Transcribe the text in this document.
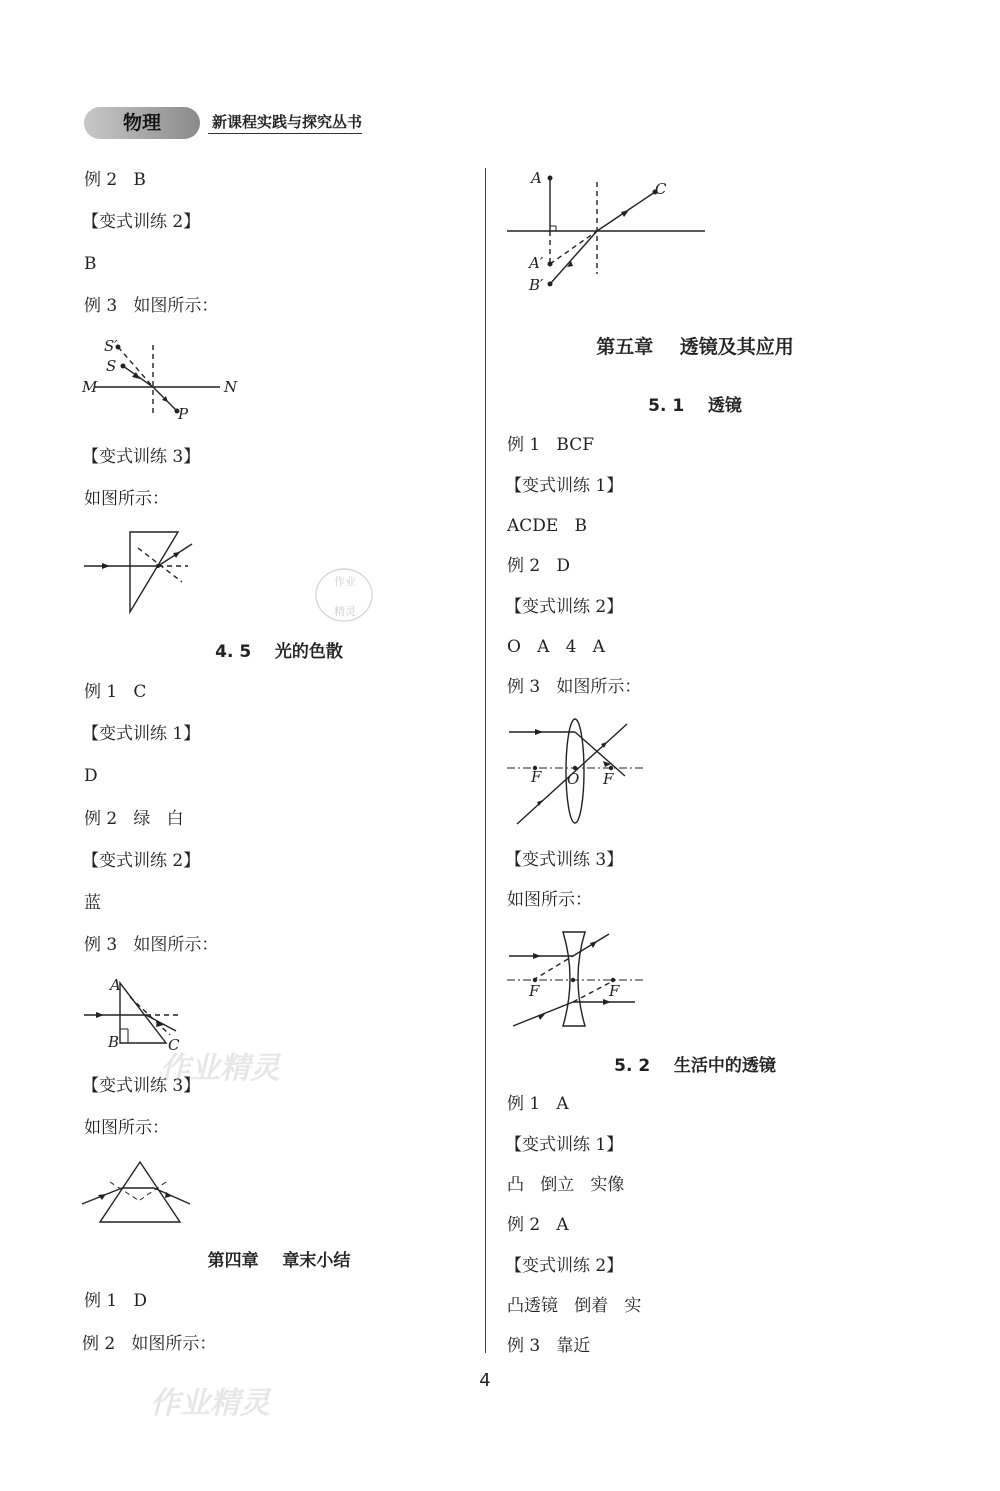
物理	新课程实践与探究丛书
作业精灵
作业精灵
作业
精灵
例 2   B
【变式训练 2】
B
例 3   如图所示：
S′
S
M	N
P
【变式训练 3】
如图所示：
4. 5    光的色散
例 1   C
【变式训练 1】
D
例 2   绿   白
【变式训练 2】
蓝
例 3   如图所示：
A
B	C
【变式训练 3】
如图所示：
第四章    章末小结
例 1   D
例 2   如图所示：
A
C
A′
B′
第五章    透镜及其应用
5. 1    透镜
例 1   BCF
【变式训练 1】
ACDE   B
例 2   D
【变式训练 2】
O   A   4   A
例 3   如图所示：
F O F
【变式训练 3】
如图所示：
F	F
5. 2    生活中的透镜
例 1   A
【变式训练 1】
凸   倒立   实像
例 2   A
【变式训练 2】
凸透镜   倒着   实
例 3   靠近
4
